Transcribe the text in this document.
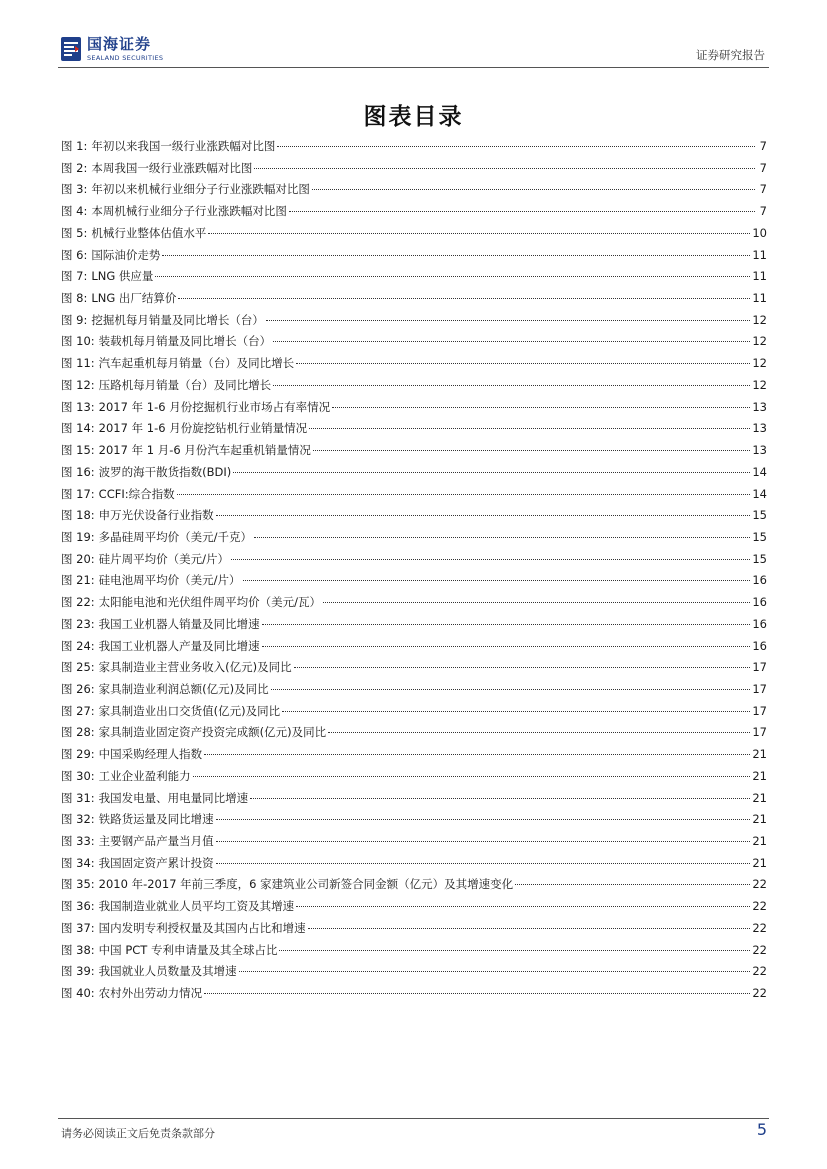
国海证券
SEALAND SECURITIES	证券研究报告
图表目录
图 1: 年初以来我国一级行业涨跌幅对比图	7
图 2: 本周我国一级行业涨跌幅对比图	7
图 3: 年初以来机械行业细分子行业涨跌幅对比图	7
图 4: 本周机械行业细分子行业涨跌幅对比图	7
图 5: 机械行业整体估值水平	10
图 6: 国际油价走势	11
图 7: LNG 供应量	11
图 8: LNG 出厂结算价	11
图 9: 挖掘机每月销量及同比增长（台）	12
图 10: 装载机每月销量及同比增长（台）	12
图 11: 汽车起重机每月销量（台）及同比增长	12
图 12: 压路机每月销量（台）及同比增长	12
图 13: 2017 年 1-6 月份挖掘机行业市场占有率情况	13
图 14: 2017 年 1-6 月份旋挖钻机行业销量情况	13
图 15: 2017 年 1 月-6 月份汽车起重机销量情况	13
图 16: 波罗的海干散货指数(BDI)	14
图 17: CCFI:综合指数	14
图 18: 申万光伏设备行业指数	15
图 19: 多晶硅周平均价（美元/千克）	15
图 20: 硅片周平均价（美元/片）	15
图 21: 硅电池周平均价（美元/片）	16
图 22: 太阳能电池和光伏组件周平均价（美元/瓦）	16
图 23: 我国工业机器人销量及同比增速	16
图 24: 我国工业机器人产量及同比增速	16
图 25: 家具制造业主营业务收入(亿元)及同比	17
图 26: 家具制造业利润总额(亿元)及同比	17
图 27: 家具制造业出口交货值(亿元)及同比	17
图 28: 家具制造业固定资产投资完成额(亿元)及同比	17
图 29: 中国采购经理人指数	21
图 30: 工业企业盈利能力	21
图 31: 我国发电量、用电量同比增速	21
图 32: 铁路货运量及同比增速	21
图 33: 主要钢产品产量当月值	21
图 34: 我国固定资产累计投资	21
图 35: 2010 年-2017 年前三季度，6 家建筑业公司新签合同金额（亿元）及其增速变化	22
图 36: 我国制造业就业人员平均工资及其增速	22
图 37: 国内发明专利授权量及其国内占比和增速	22
图 38: 中国 PCT 专利申请量及其全球占比	22
图 39: 我国就业人员数量及其增速	22
图 40: 农村外出劳动力情况	22
请务必阅读正文后免责条款部分	5
